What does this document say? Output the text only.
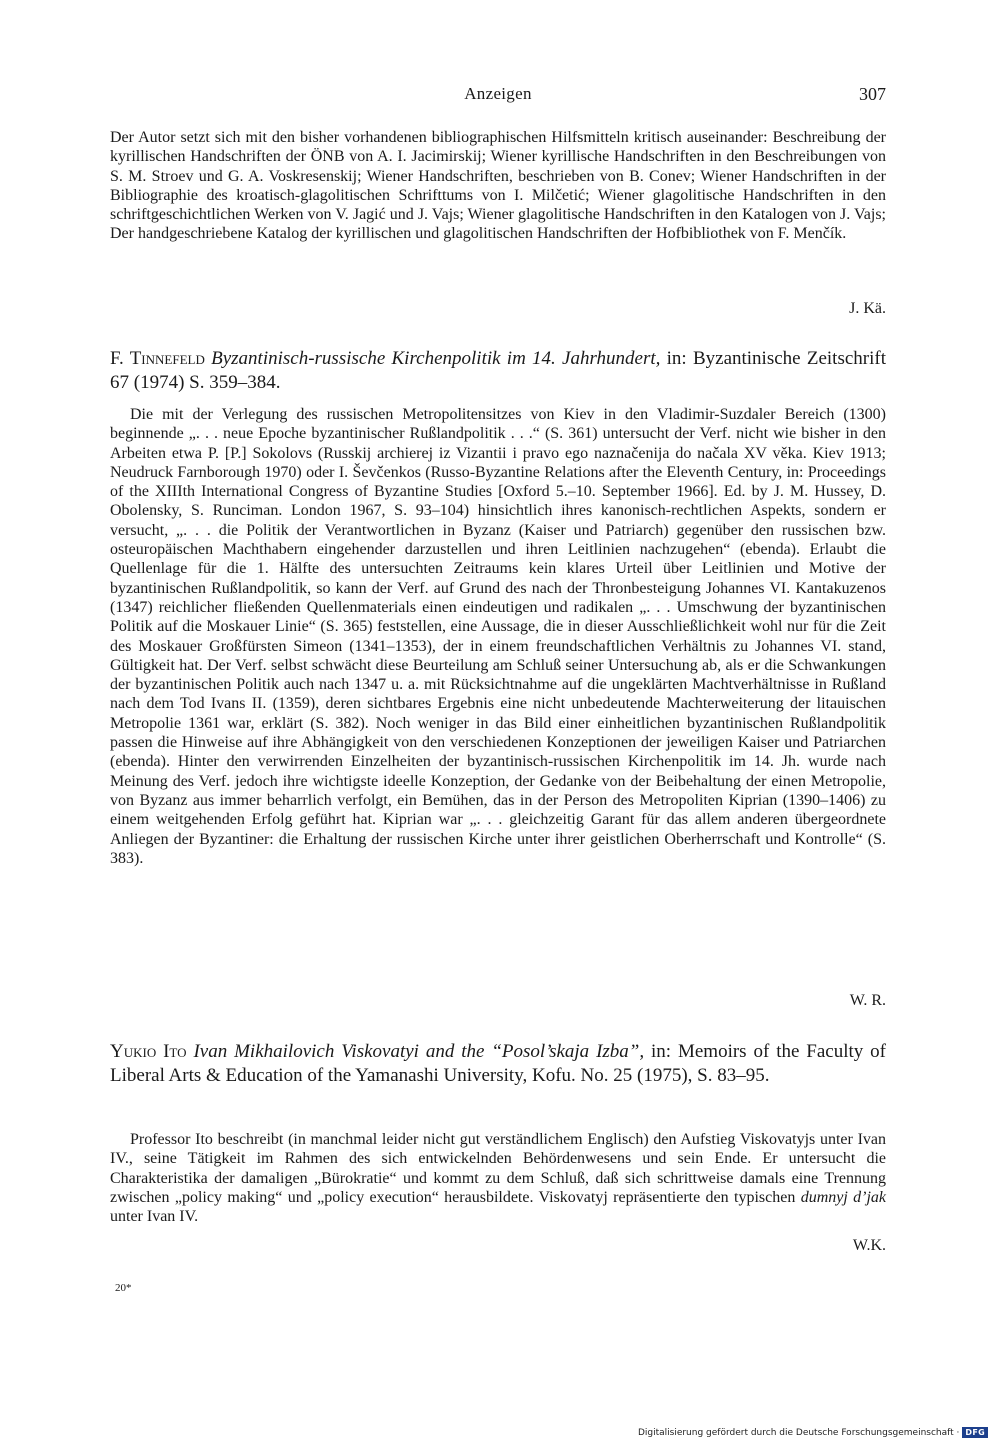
Anzeigen	307

Der Autor setzt sich mit den bisher vorhandenen bibliographischen Hilfsmitteln kritisch auseinander: Beschreibung der kyrillischen Handschriften der ÖNB von A. I. Jacimirskij; Wiener kyrillische Handschriften in den Beschreibungen von S. M. Stroev und G. A. Voskresenskij; Wiener Handschriften, beschrieben von B. Conev; Wiener Handschriften in der Bibliographie des kroatisch-glagolitischen Schrifttums von I. Milčetić; Wiener glagolitische Handschriften in den schriftgeschichtlichen Werken von V. Jagić und J. Vajs; Wiener glagolitische Handschriften in den Katalogen von J. Vajs; Der handgeschriebene Katalog der kyrillischen und glagolitischen Handschriften der Hofbibliothek von F. Menčík.

J. Kä.
F. Tinnefeld Byzantinisch-russische Kirchenpolitik im 14. Jahrhundert, in: Byzantinische Zeitschrift 67 (1974) S. 359–384.

Die mit der Verlegung des russischen Metropolitensitzes von Kiev in den Vladimir-Suzdaler Bereich (1300) beginnende „. . . neue Epoche byzantinischer Rußlandpolitik . . .“ (S. 361) untersucht der Verf. nicht wie bisher in den Arbeiten etwa P. [P.] Sokolovs (Russkij archierej iz Vizantii i pravo ego naznačenija do načala XV věka. Kiev 1913; Neudruck Farnborough 1970) oder I. Ševčenkos (Russo-Byzantine Relations after the Eleventh Century, in: Proceedings of the XIIIth International Congress of Byzantine Studies [Oxford 5.–10. September 1966]. Ed. by J. M. Hussey, D. Obolensky, S. Runciman. London 1967, S. 93–104) hinsichtlich ihres kanonisch-rechtlichen Aspekts, sondern er versucht, „. . . die Politik der Verantwortlichen in Byzanz (Kaiser und Patriarch) gegenüber den russischen bzw. osteuropäischen Machthabern eingehender darzustellen und ihren Leitlinien nachzugehen“ (ebenda). Erlaubt die Quellenlage für die 1. Hälfte des untersuchten Zeitraums kein klares Urteil über Leitlinien und Motive der byzantinischen Rußlandpolitik, so kann der Verf. auf Grund des nach der Thronbesteigung Johannes VI. Kantakuzenos (1347) reichlicher fließenden Quellenmaterials einen eindeutigen und radikalen „. . . Umschwung der byzantinischen Politik auf die Moskauer Linie“ (S. 365) feststellen, eine Aussage, die in dieser Ausschließlichkeit wohl nur für die Zeit des Moskauer Großfürsten Simeon (1341–1353), der in einem freundschaftlichen Verhältnis zu Johannes VI. stand, Gültigkeit hat. Der Verf. selbst schwächt diese Beurteilung am Schluß seiner Untersuchung ab, als er die Schwankungen der byzantinischen Politik auch nach 1347 u. a. mit Rücksichtnahme auf die ungeklärten Machtverhältnisse in Rußland nach dem Tod Ivans II. (1359), deren sichtbares Ergebnis eine nicht unbedeutende Machterweiterung der litauischen Metropolie 1361 war, erklärt (S. 382). Noch weniger in das Bild einer einheitlichen byzantinischen Rußlandpolitik passen die Hinweise auf ihre Abhängigkeit von den verschiedenen Konzeptionen der jeweiligen Kaiser und Patriarchen (ebenda). Hinter den verwirrenden Einzelheiten der byzantinisch-russischen Kirchenpolitik im 14. Jh. wurde nach Meinung des Verf. jedoch ihre wichtigste ideelle Konzeption, der Gedanke von der Beibehaltung der einen Metropolie, von Byzanz aus immer beharrlich verfolgt, ein Bemühen, das in der Person des Metropoliten Kiprian (1390–1406) zu einem weitgehenden Erfolg geführt hat. Kiprian war „. . . gleichzeitig Garant für das allem anderen übergeordnete Anliegen der Byzantiner: die Erhaltung der russischen Kirche unter ihrer geistlichen Oberherrschaft und Kontrolle“ (S. 383).

W. R.
Yukio Ito Ivan Mikhailovich Viskovatyi and the “Posol’skaja Izba”, in: Memoirs of the Faculty of Liberal Arts & Education of the Yamanashi University, Kofu. No. 25 (1975), S. 83–95.

Professor Ito beschreibt (in manchmal leider nicht gut verständlichem Englisch) den Aufstieg Viskovatyjs unter Ivan IV., seine Tätigkeit im Rahmen des sich entwickelnden Behördenwesens und sein Ende. Er untersucht die Charakteristika der damaligen „Bürokratie“ und kommt zu dem Schluß, daß sich schrittweise damals eine Trennung zwischen „policy making“ und „policy execution“ herausbildete. Viskovatyj repräsentierte den typischen dumnyj d’jak unter Ivan IV.

W.K.
20*
Digitalisierung gefördert durch die Deutsche Forschungsgemeinschaft · DFG
